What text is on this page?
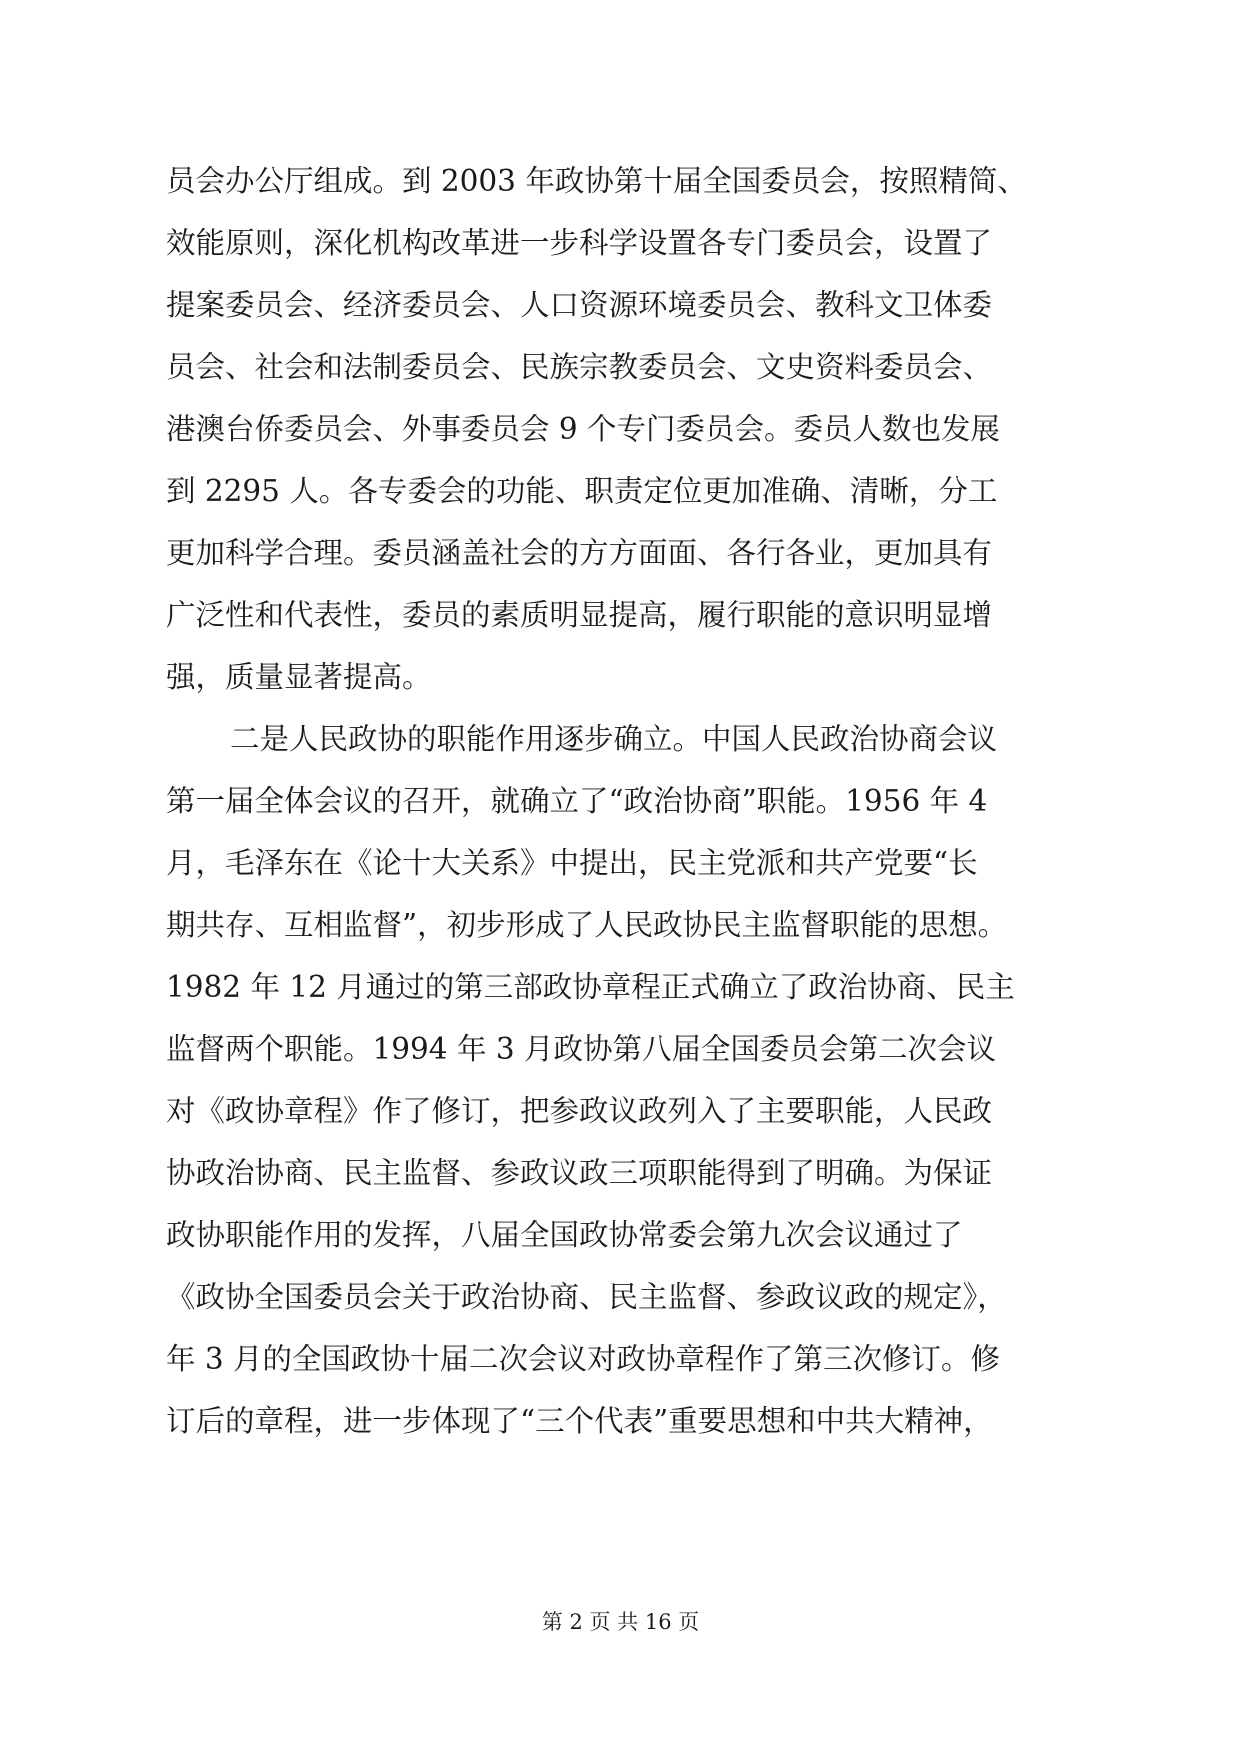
员会办公厅组成。到 2003 年政协第十届全国委员会，按照精简、
效能原则，深化机构改革进一步科学设置各专门委员会，设置了
提案委员会、经济委员会、人口资源环境委员会、教科文卫体委
员会、社会和法制委员会、民族宗教委员会、文史资料委员会、
港澳台侨委员会、外事委员会 9 个专门委员会。委员人数也发展
到 2295 人。各专委会的功能、职责定位更加准确、清晰，分工
更加科学合理。委员涵盖社会的方方面面、各行各业，更加具有
广泛性和代表性，委员的素质明显提高，履行职能的意识明显增
强，质量显著提高。
二是人民政协的职能作用逐步确立。中国人民政治协商会议
第一届全体会议的召开，就确立了“政治协商”职能。1956 年 4
月，毛泽东在《论十大关系》中提出，民主党派和共产党要“长
期共存、互相监督”，初步形成了人民政协民主监督职能的思想。
1982 年 12 月通过的第三部政协章程正式确立了政治协商、民主
监督两个职能。1994 年 3 月政协第八届全国委员会第二次会议
对《政协章程》作了修订，把参政议政列入了主要职能，人民政
协政治协商、民主监督、参政议政三项职能得到了明确。为保证
政协职能作用的发挥，八届全国政协常委会第九次会议通过了
《政协全国委员会关于政治协商、民主监督、参政议政的规定》，
年 3 月的全国政协十届二次会议对政协章程作了第三次修订。修
订后的章程，进一步体现了“三个代表”重要思想和中共大精神，
第 2 页 共 16 页
